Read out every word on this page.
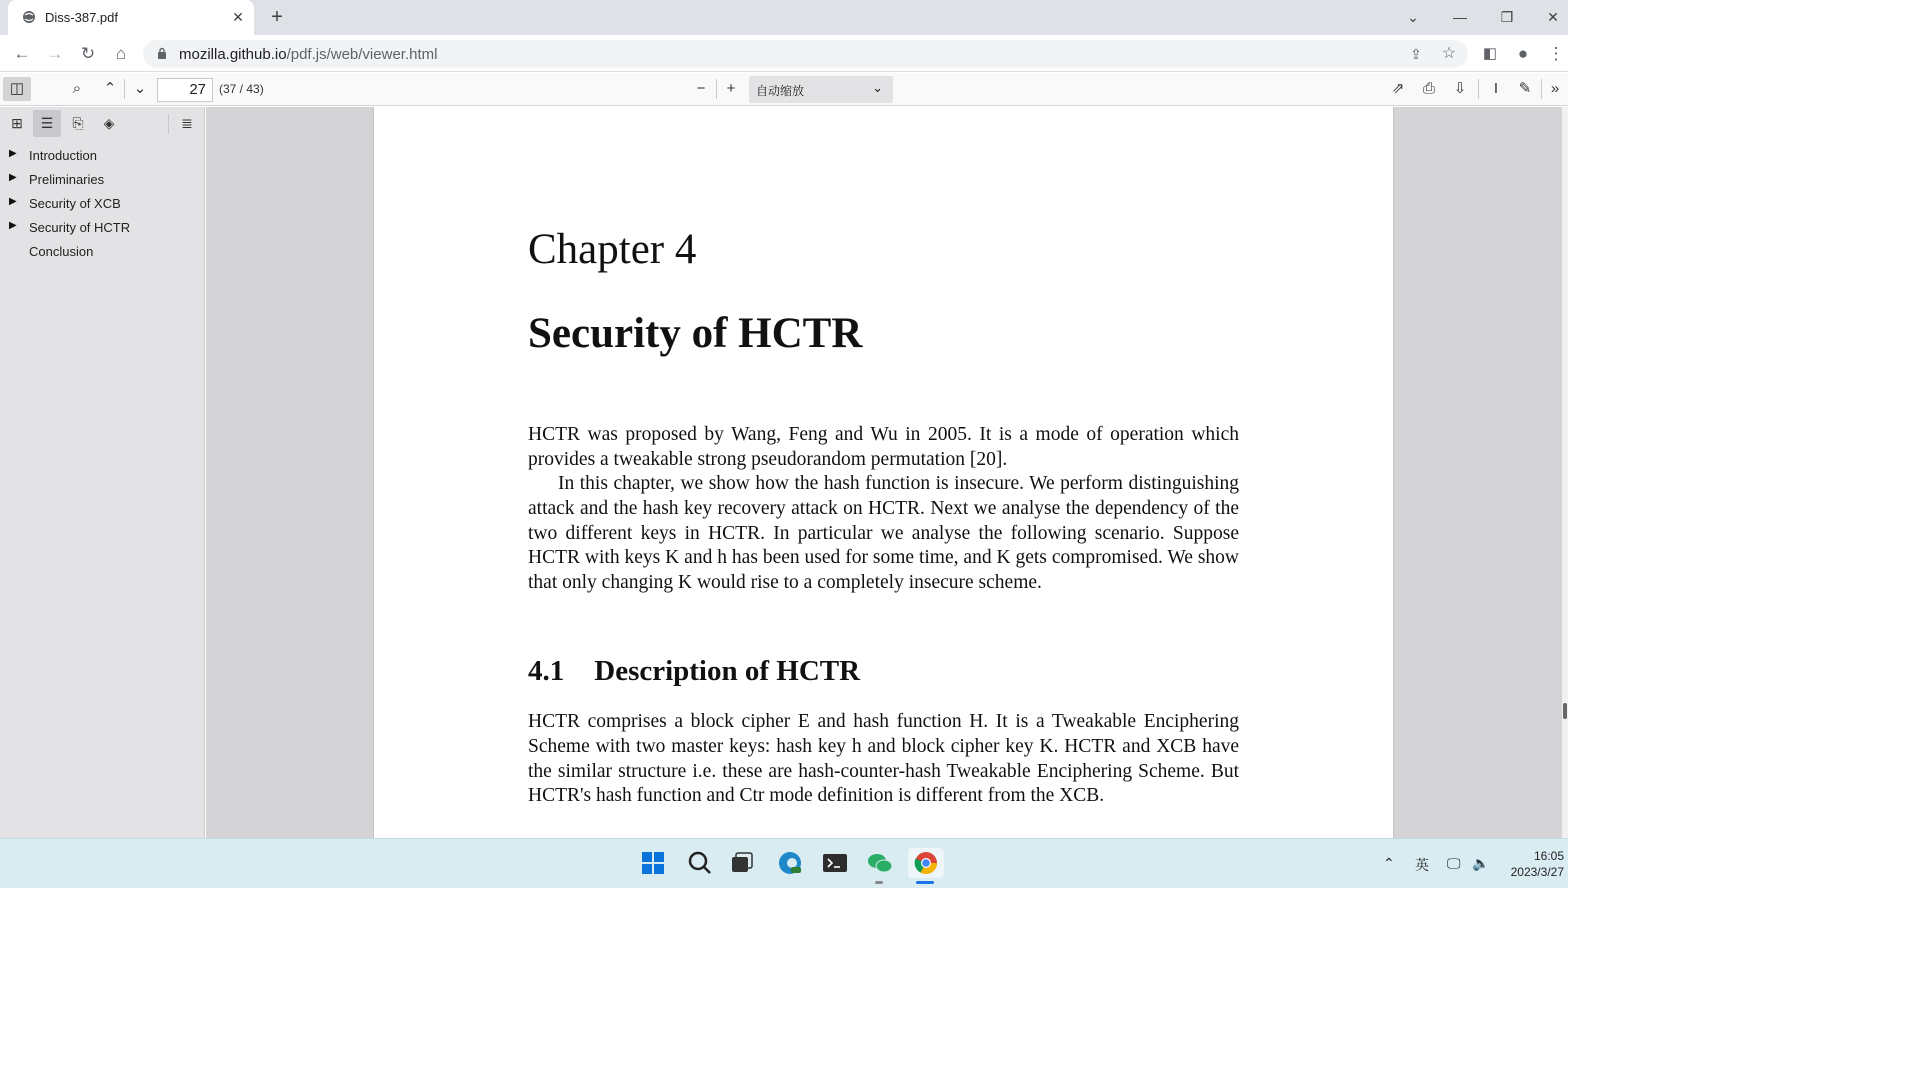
Diss-387.pdf	✕ +	⌄	—	❐	✕
← → ↻	⌂	mozilla.github.io/pdf.js/web/viewer.html	⇪	☆ ◧	●	⋮
◫	⌕	⌃	⌄	27	(37 / 43)	−	+	自动缩放	⌄	⇗	⎙	⇩	I	✎	»
⊞	☰	⎘	◈	≣
▶ Introduction
▶ Preliminaries
▶ Security of XCB
▶ Security of HCTR
Conclusion	Chapter 4
Security of HCTR
HCTR was proposed by Wang, Feng and Wu in 2005. It is a mode of operation which provides a tweakable strong pseudorandom permutation [20].
In this chapter, we show how the hash function is insecure. We perform distinguishing attack and the hash key recovery attack on HCTR. Next we analyse the dependency of the two different keys in HCTR. In particular we analyse the following scenario. Suppose HCTR with keys K and h has been used for some time, and K gets compromised. We show that only changing K would rise to a completely insecure scheme.
4.1 Description of HCTR
HCTR comprises a block cipher E and hash function H. It is a Tweakable Enciphering Scheme with two master keys: hash key h and block cipher key K. HCTR and XCB have the similar structure i.e. these are hash-counter-hash Tweakable Enciphering Scheme. But HCTR's hash function and Ctr mode definition is different from the XCB.
⌃ 英 🖵 🔈	16:05
2023/3/27
